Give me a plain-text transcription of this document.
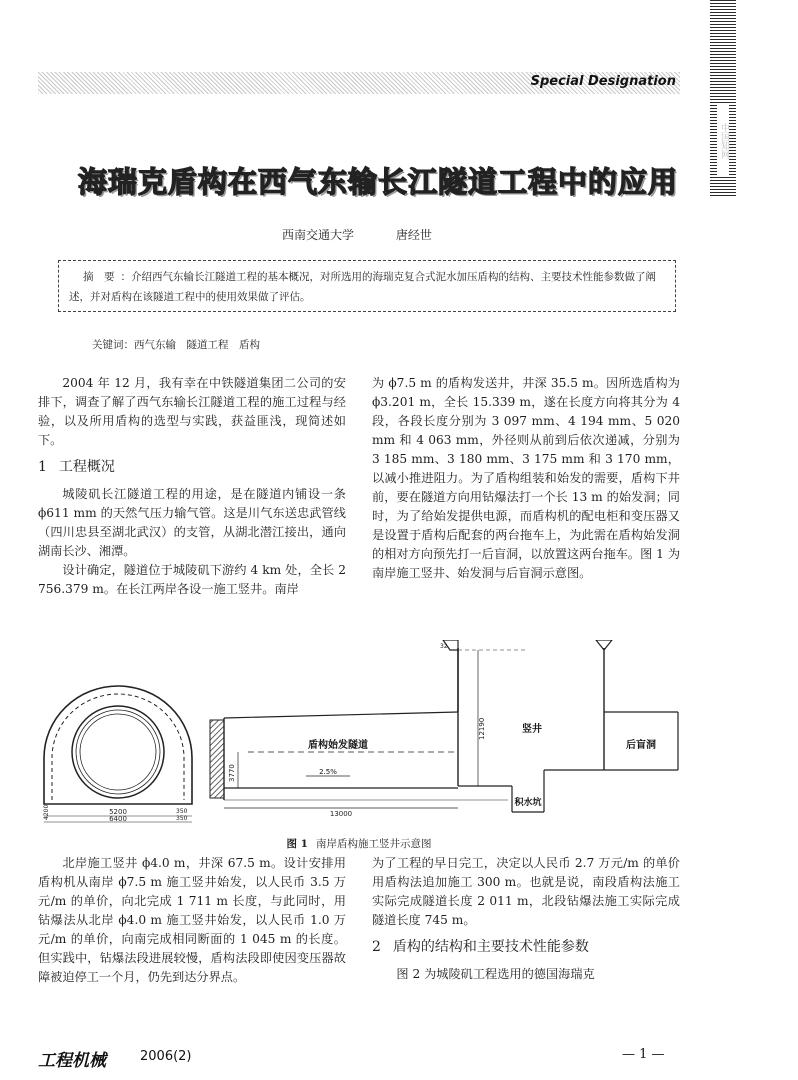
中国知网
Special Designation
海瑞克盾构在西气东输长江隧道工程中的应用
西南交通大学	唐经世
摘　要 ：介绍西气东输长江隧道工程的基本概况，对所选用的海瑞克复合式泥水加压盾构的结构、主要技术性能参数做了阐述，并对盾构在该隧道工程中的使用效果做了评估。
关键词：西气东输　隧道工程　盾构

2004 年 12 月，我有幸在中铁隧道集团二公司的安排下，调查了解了西气东输长江隧道工程的施工过程与经验，以及所用盾构的选型与实践，获益匪浅，现简述如下。

1 工程概况

城陵矶长江隧道工程的用途，是在隧道内铺设一条 ϕ611 mm 的天然气压力输气管。这是川气东送忠武管线（四川忠县至湖北武汉）的支管，从湖北潜江接出，通向湖南长沙、湘潭。

设计确定，隧道位于城陵矶下游约 4 km 处，全长 2 756.379 m。在长江两岸各设一施工竖井。南岸

为 ϕ7.5 m 的盾构发送井，井深 35.5 m。因所选盾构为 ϕ3.201 m，全长 15.339 m，遂在长度方向将其分为 4 段，各段长度分别为 3 097 mm、4 194 mm、5 020 mm 和 4 063 mm，外径则从前到后依次递减，分别为 3 185 mm、3 180 mm、3 175 mm 和 3 170 mm，以减小推进阻力。为了盾构组装和始发的需要，盾构下井前，要在隧道方向用钻爆法打一个长 13 m 的始发洞；同时，为了给始发提供电源，而盾构机的配电柜和变压器又是设置于盾构后配套的两台拖车上，为此需在盾构始发洞的相对方向预先打一后盲洞，以放置这两台拖车。图 1 为南岸施工竖井、始发洞与后盲洞示意图。

5200
6400
4200	350
350
12190
3770
13000
32
盾构始发隧道
2.5%
竖井
后盲洞
积水坑
图 1 南岸盾构施工竖井示意图

北岸施工竖井 ϕ4.0 m，井深 67.5 m。设计安排用盾构机从南岸 ϕ7.5 m 施工竖井始发，以人民币 3.5 万元/m 的单价，向北完成 1 711 m 长度，与此同时，用钻爆法从北岸 ϕ4.0 m 施工竖井始发，以人民币 1.0 万元/m 的单价，向南完成相同断面的 1 045 m 的长度。但实践中，钻爆法段进展较慢，盾构法段即使因变压器故障被迫停工一个月，仍先到达分界点。

为了工程的早日完工，决定以人民币 2.7 万元/m 的单价用盾构法追加施工 300 m。也就是说，南段盾构法施工实际完成隧道长度 2 011 m，北段钻爆法施工实际完成隧道长度 745 m。

2 盾构的结构和主要技术性能参数

图 2 为城陵矶工程选用的德国海瑞克

工程机械	2006(2)	— 1 —
